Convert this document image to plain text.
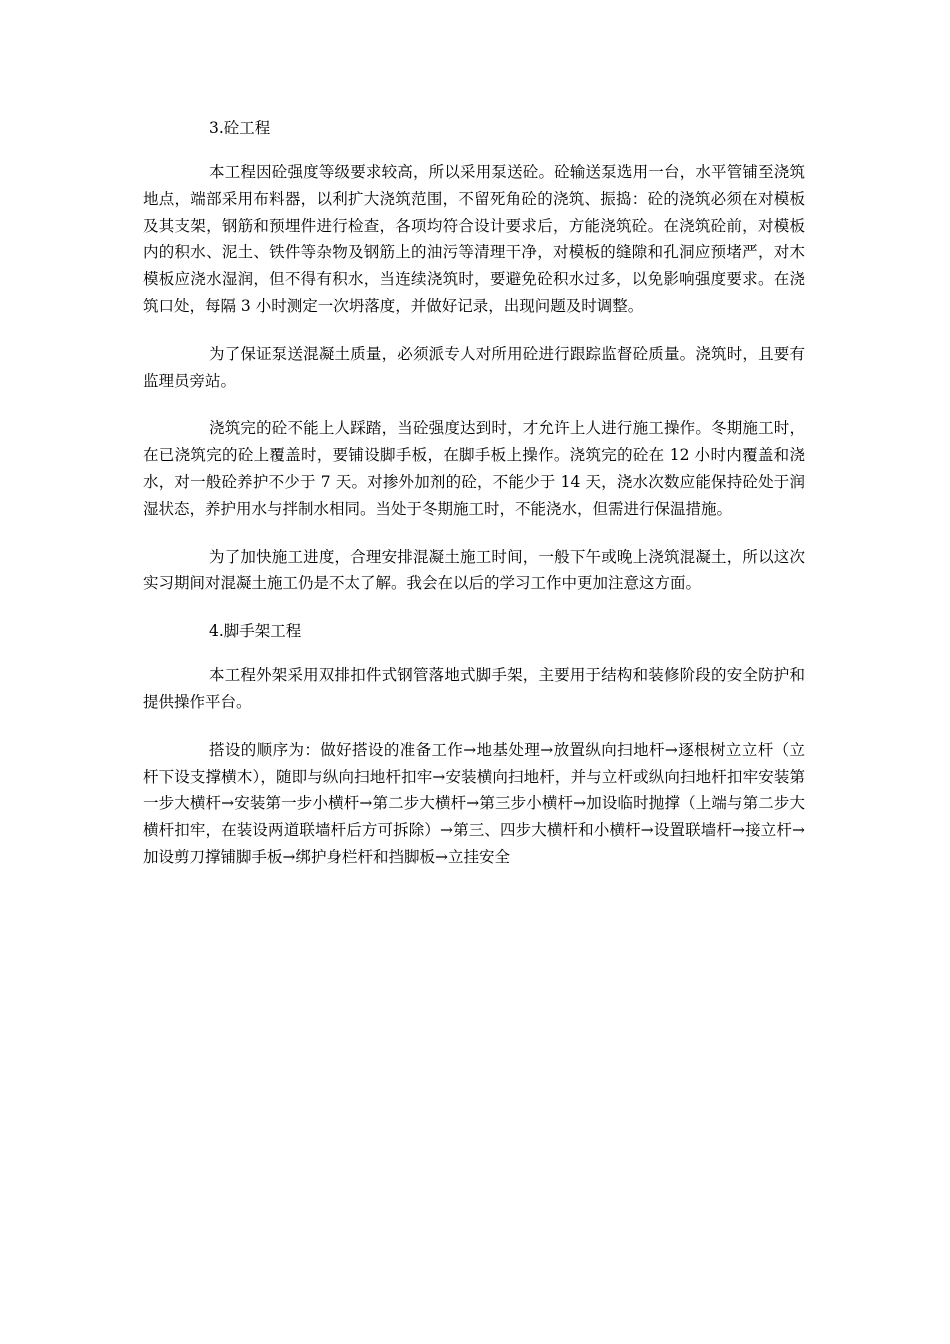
3.砼工程

本工程因砼强度等级要求较高，所以采用泵送砼。砼输送泵选用一台，水平管铺至浇筑地点，端部采用布料器，以利扩大浇筑范围，不留死角砼的浇筑、振捣：砼的浇筑必须在对模板及其支架，钢筋和预埋件进行检查，各项均符合设计要求后，方能浇筑砼。在浇筑砼前，对模板内的积水、泥土、铁件等杂物及钢筋上的油污等清理干净，对模板的缝隙和孔洞应预堵严，对木模板应浇水湿润，但不得有积水，当连续浇筑时，要避免砼积水过多，以免影响强度要求。在浇筑口处，每隔 3 小时测定一次坍落度，并做好记录，出现问题及时调整。

为了保证泵送混凝土质量，必须派专人对所用砼进行跟踪监督砼质量。浇筑时，且要有监理员旁站。

浇筑完的砼不能上人踩踏，当砼强度达到时，才允许上人进行施工操作。冬期施工时，在已浇筑完的砼上覆盖时，要铺设脚手板，在脚手板上操作。浇筑完的砼在 12 小时内覆盖和浇水，对一般砼养护不少于 7 天。对掺外加剂的砼，不能少于 14 天，浇水次数应能保持砼处于润湿状态，养护用水与拌制水相同。当处于冬期施工时，不能浇水，但需进行保温措施。

为了加快施工进度，合理安排混凝土施工时间，一般下午或晚上浇筑混凝土，所以这次实习期间对混凝土施工仍是不太了解。我会在以后的学习工作中更加注意这方面。

4.脚手架工程

本工程外架采用双排扣件式钢管落地式脚手架，主要用于结构和装修阶段的安全防护和提供操作平台。

搭设的顺序为：做好搭设的准备工作→地基处理→放置纵向扫地杆→逐根树立立杆（立杆下设支撑横木），随即与纵向扫地杆扣牢→安装横向扫地杆，并与立杆或纵向扫地杆扣牢安装第一步大横杆→安装第一步小横杆→第二步大横杆→第三步小横杆→加设临时抛撑（上端与第二步大横杆扣牢，在装设两道联墙杆后方可拆除）→第三、四步大横杆和小横杆→设置联墙杆→接立杆→加设剪刀撑铺脚手板→绑护身栏杆和挡脚板→立挂安全
